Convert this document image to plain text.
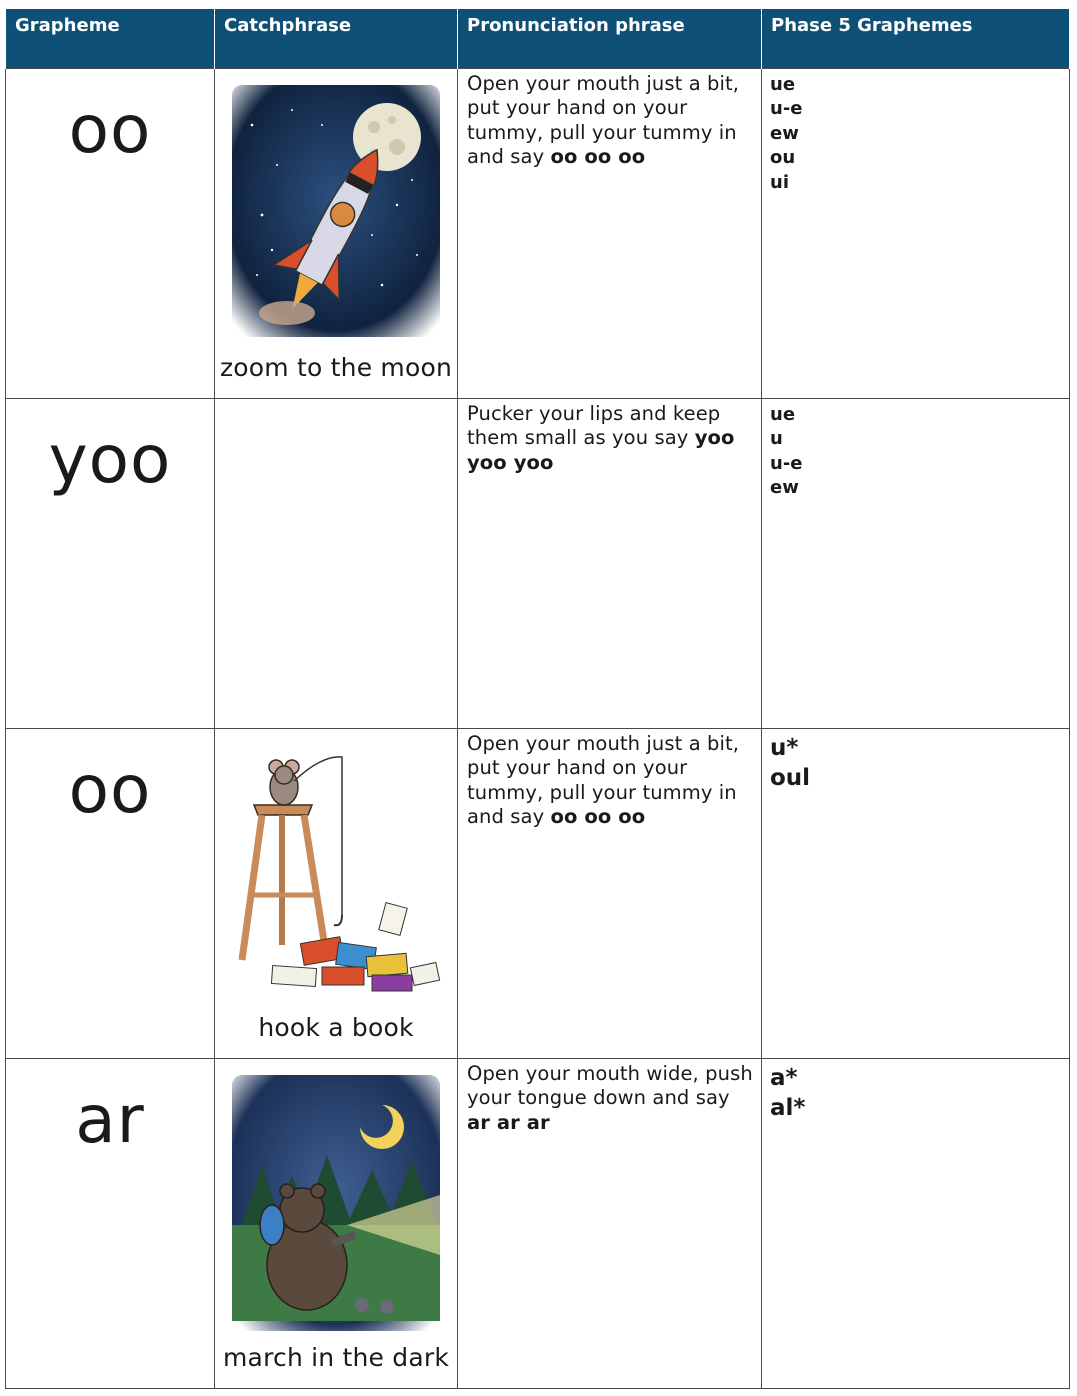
Grapheme	Catchphrase	Pronunciation phrase	Phase 5 Graphemes

oo	zoom to the moon	Open your mouth just a bit, put your hand on your tummy, pull your tummy in and say oo oo oo	ue
u-e
ew
ou
ui

yoo		Pucker your lips and keep them small as you say yoo yoo yoo	ue
u
u-e
ew

oo	hook a book	Open your mouth just a bit, put your hand on your tummy, pull your tummy in and say oo oo oo	u*
oul

ar	march in the dark	Open your mouth wide, push your tongue down and say ar ar ar	a*
al*
